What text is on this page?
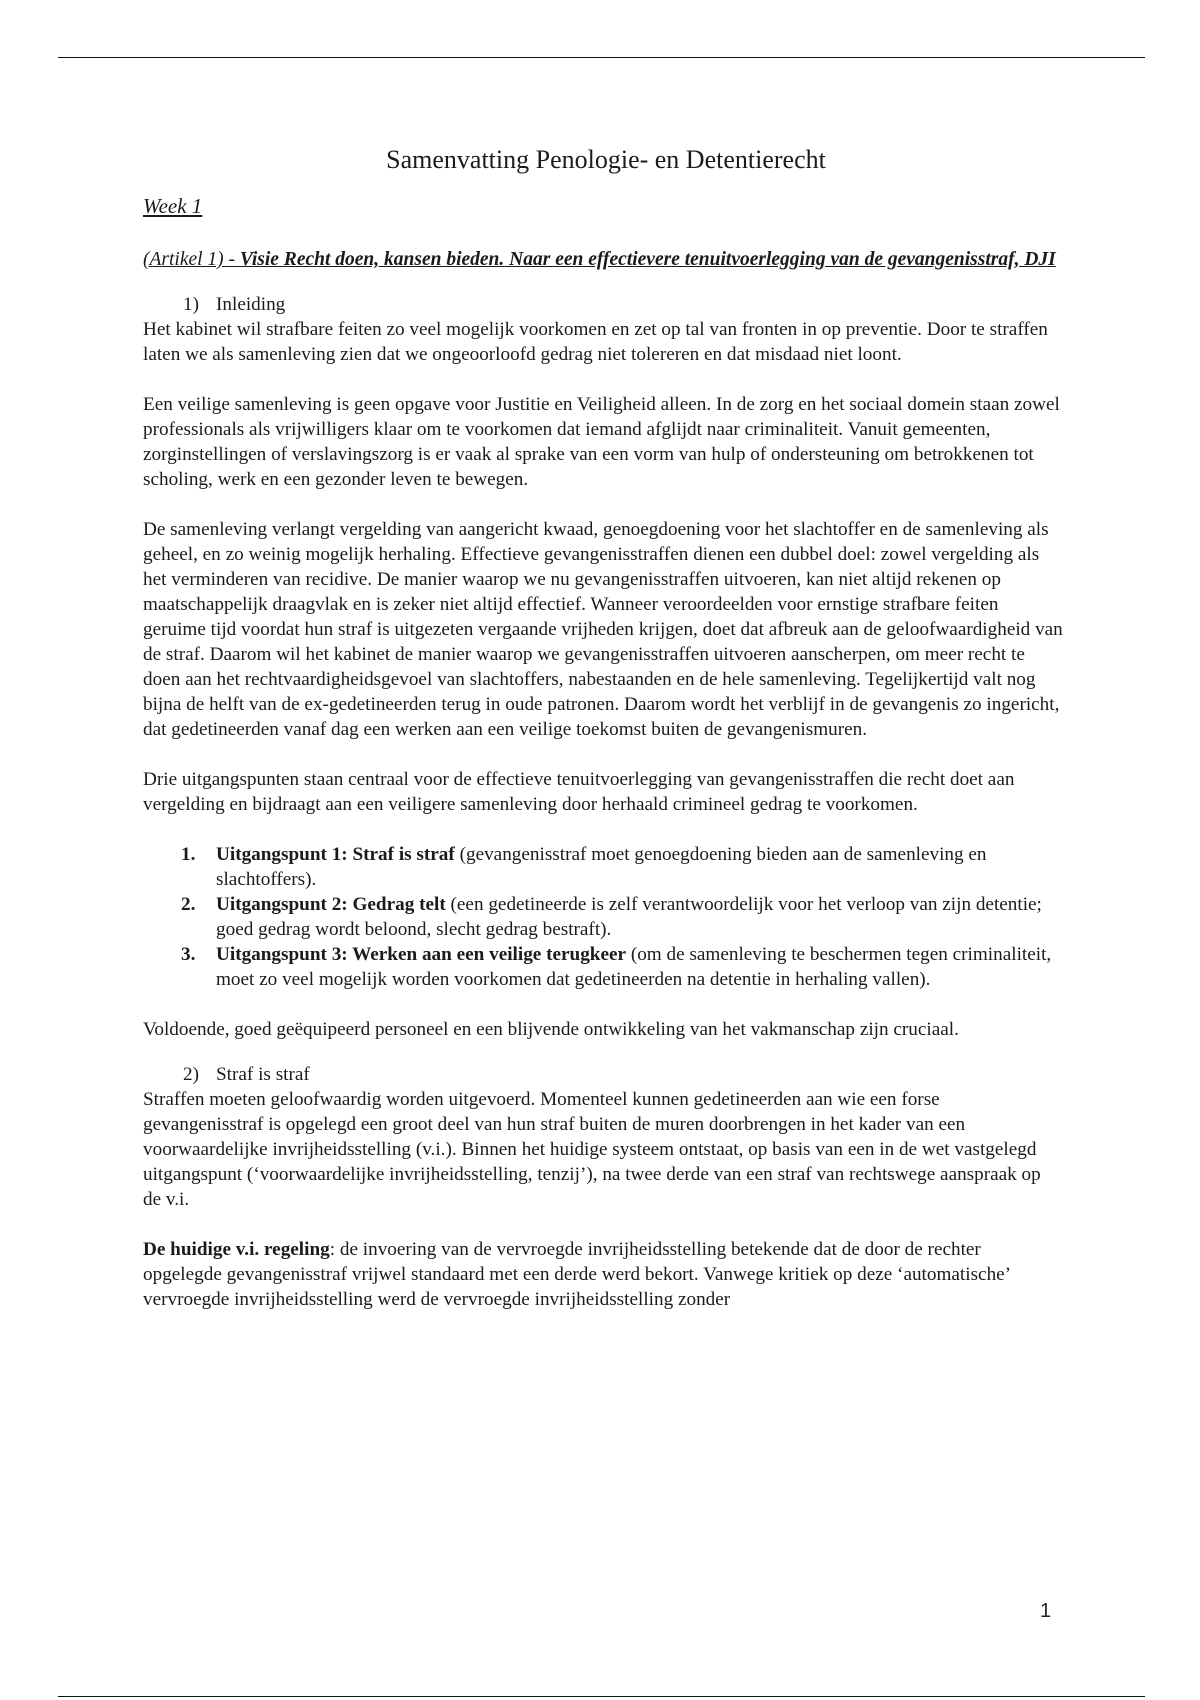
Samenvatting Penologie- en Detentierecht

Week 1

(Artikel 1) - Visie Recht doen, kansen bieden. Naar een effectievere tenuitvoerlegging van de gevangenisstraf, DJI

1) Inleiding

Het kabinet wil strafbare feiten zo veel mogelijk voorkomen en zet op tal van fronten in op preventie. Door te straffen laten we als samenleving zien dat we ongeoorloofd gedrag niet tolereren en dat misdaad niet loont.

Een veilige samenleving is geen opgave voor Justitie en Veiligheid alleen. In de zorg en het sociaal domein staan zowel professionals als vrijwilligers klaar om te voorkomen dat iemand afglijdt naar criminaliteit. Vanuit gemeenten, zorginstellingen of verslavingszorg is er vaak al sprake van een vorm van hulp of ondersteuning om betrokkenen tot scholing, werk en een gezonder leven te bewegen.

De samenleving verlangt vergelding van aangericht kwaad, genoegdoening voor het slachtoffer en de samenleving als geheel, en zo weinig mogelijk herhaling. Effectieve gevangenisstraffen dienen een dubbel doel: zowel vergelding als het verminderen van recidive. De manier waarop we nu gevangenisstraffen uitvoeren, kan niet altijd rekenen op maatschappelijk draagvlak en is zeker niet altijd effectief. Wanneer veroordeelden voor ernstige strafbare feiten geruime tijd voordat hun straf is uitgezeten vergaande vrijheden krijgen, doet dat afbreuk aan de geloofwaardigheid van de straf. Daarom wil het kabinet de manier waarop we gevangenisstraffen uitvoeren aanscherpen, om meer recht te doen aan het rechtvaardigheidsgevoel van slachtoffers, nabestaanden en de hele samenleving. Tegelijkertijd valt nog bijna de helft van de ex-gedetineerden terug in oude patronen. Daarom wordt het verblijf in de gevangenis zo ingericht, dat gedetineerden vanaf dag een werken aan een veilige toekomst buiten de gevangenismuren.

Drie uitgangspunten staan centraal voor de effectieve tenuitvoerlegging van gevangenisstraffen die recht doet aan vergelding en bijdraagt aan een veiligere samenleving door herhaald crimineel gedrag te voorkomen.

1. Uitgangspunt 1: Straf is straf (gevangenisstraf moet genoegdoening bieden aan de samenleving en slachtoffers).
2. Uitgangspunt 2: Gedrag telt (een gedetineerde is zelf verantwoordelijk voor het verloop van zijn detentie; goed gedrag wordt beloond, slecht gedrag bestraft).
3. Uitgangspunt 3: Werken aan een veilige terugkeer (om de samenleving te beschermen tegen criminaliteit, moet zo veel mogelijk worden voorkomen dat gedetineerden na detentie in herhaling vallen).

Voldoende, goed geëquipeerd personeel en een blijvende ontwikkeling van het vakmanschap zijn cruciaal.

2) Straf is straf

Straffen moeten geloofwaardig worden uitgevoerd. Momenteel kunnen gedetineerden aan wie een forse gevangenisstraf is opgelegd een groot deel van hun straf buiten de muren doorbrengen in het kader van een voorwaardelijke invrijheidsstelling (v.i.). Binnen het huidige systeem ontstaat, op basis van een in de wet vastgelegd uitgangspunt (‘voorwaardelijke invrijheidsstelling, tenzij’), na twee derde van een straf van rechtswege aanspraak op de v.i.

De huidige v.i. regeling: de invoering van de vervroegde invrijheidsstelling betekende dat de door de rechter opgelegde gevangenisstraf vrijwel standaard met een derde werd bekort. Vanwege kritiek op deze ‘automatische’ vervroegde invrijheidsstelling werd de vervroegde invrijheidsstelling zonder

1
